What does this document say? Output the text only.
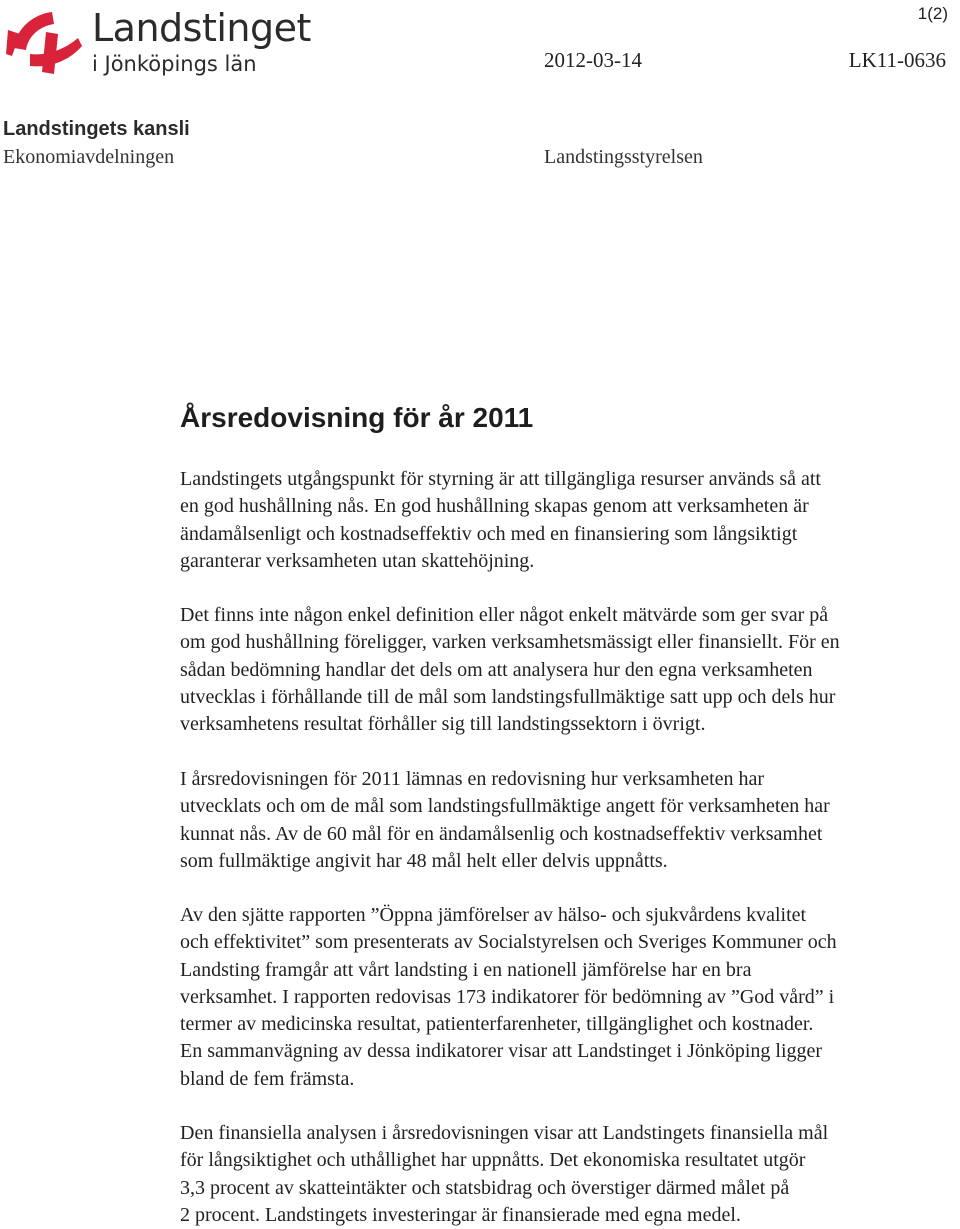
Landstinget
i Jönköpings län
1(2)
2012-03-14	LK11-0636
Landstingets kansli
Ekonomiavdelningen	Landstingsstyrelsen
Årsredovisning för år 2011

Landstingets utgångspunkt för styrning är att tillgängliga resurser används så att
en god hushållning nås. En god hushållning skapas genom att verksamheten är
ändamålsenligt och kostnadseffektiv och med en finansiering som långsiktigt
garanterar verksamheten utan skattehöjning.

Det finns inte någon enkel definition eller något enkelt mätvärde som ger svar på
om god hushållning föreligger, varken verksamhetsmässigt eller finansiellt. För en
sådan bedömning handlar det dels om att analysera hur den egna verksamheten
utvecklas i förhållande till de mål som landstingsfullmäktige satt upp och dels hur
verksamhetens resultat förhåller sig till landstingssektorn i övrigt.

I årsredovisningen för 2011 lämnas en redovisning hur verksamheten har
utvecklats och om de mål som landstingsfullmäktige angett för verksamheten har
kunnat nås. Av de 60 mål för en ändamålsenlig och kostnadseffektiv verksamhet
som fullmäktige angivit har 48 mål helt eller delvis uppnåtts.

Av den sjätte rapporten ”Öppna jämförelser av hälso- och sjukvårdens kvalitet
och effektivitet” som presenterats av Socialstyrelsen och Sveriges Kommuner och
Landsting framgår att vårt landsting i en nationell jämförelse har en bra
verksamhet. I rapporten redovisas 173 indikatorer för bedömning av ”God vård” i
termer av medicinska resultat, patienterfarenheter, tillgänglighet och kostnader.
En sammanvägning av dessa indikatorer visar att Landstinget i Jönköping ligger
bland de fem främsta.

Den finansiella analysen i årsredovisningen visar att Landstingets finansiella mål
för långsiktighet och uthållighet har uppnåtts. Det ekonomiska resultatet utgör
3,3 procent av skatteintäkter och statsbidrag och överstiger därmed målet på
2 procent. Landstingets investeringar är finansierade med egna medel.
